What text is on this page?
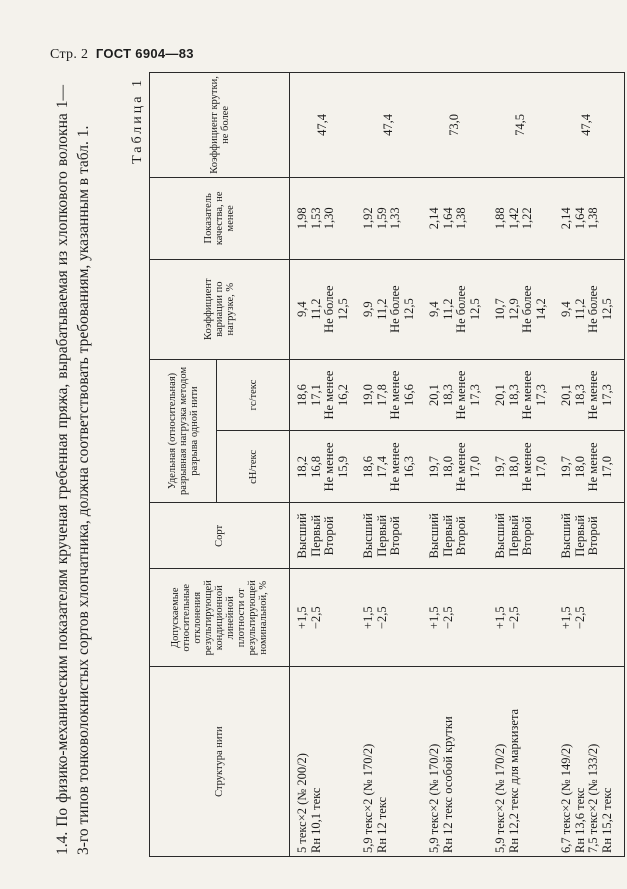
Стр. 2 ГОСТ 6904—83
1.4. По физико-механическим показателям крученая гребенная пряжа, вырабатываемая из хлопкового волокна 1—3-го типов тонковолокнистых сортов хлопчатника, должна соответствовать требованиям, указанным в табл. 1.
Таблица 1
Структура нити	Допускаемые относительные отклонения результирующей кондиционной линейной плотности от результирующей номинальной, %	Сорт	Удельная (относительная) разрывная нагрузка методом разрыва одной нити		Коэффициент вариации по нагрузке, %	Показатель качества, не менее	Коэффициент крутки, не более
			сН/текс	гс/текс			

5 текс×2 (№ 200/2) Rн 10,1 текс	+1,5 −2,5	Высший Первый Второй	18,2 16,8 Не менее 15,9	18,6 17,1 Не менее 16,2	9,4 11,2 Не более 12,5	1,98 1,53 1,30	47,4

5,9 текс×2 (№ 170/2) Rн 12 текс	+1,5 −2,5	Высший Первый Второй	18,6 17,4 Не менее 16,3	19,0 17,8 Не менее 16,6	9,9 11,2 Не более 12,5	1,92 1,59 1,33	47,4

5,9 текс×2 (№ 170/2) Rн 12 текс особой крутки	+1,5 −2,5	Высший Первый Второй	19,7 18,0 Не менее 17,0	20,1 18,3 Не менее 17,3	9,4 11,2 Не более 12,5	2,14 1,64 1,38	73,0

5,9 текс×2 (№ 170/2) Rн 12,2 текс для маркизета	+1,5 −2,5	Высший Первый Второй	19,7 18,0 Не менее 17,0	20,1 18,3 Не менее 17,3	10,7 12,9 Не более 14,2	1,88 1,42 1,22	74,5

6,7 текс×2 (№ 149/2) Rн 13,6 текс 7,5 текс×2 (№ 133/2) Rн 15,2 текс	+1,5 −2,5	Высший Первый Второй	19,7 18,0 Не менее 17,0	20,1 18,3 Не менее 17,3	9,4 11,2 Не более 12,5	2,14 1,64 1,38	47,4
